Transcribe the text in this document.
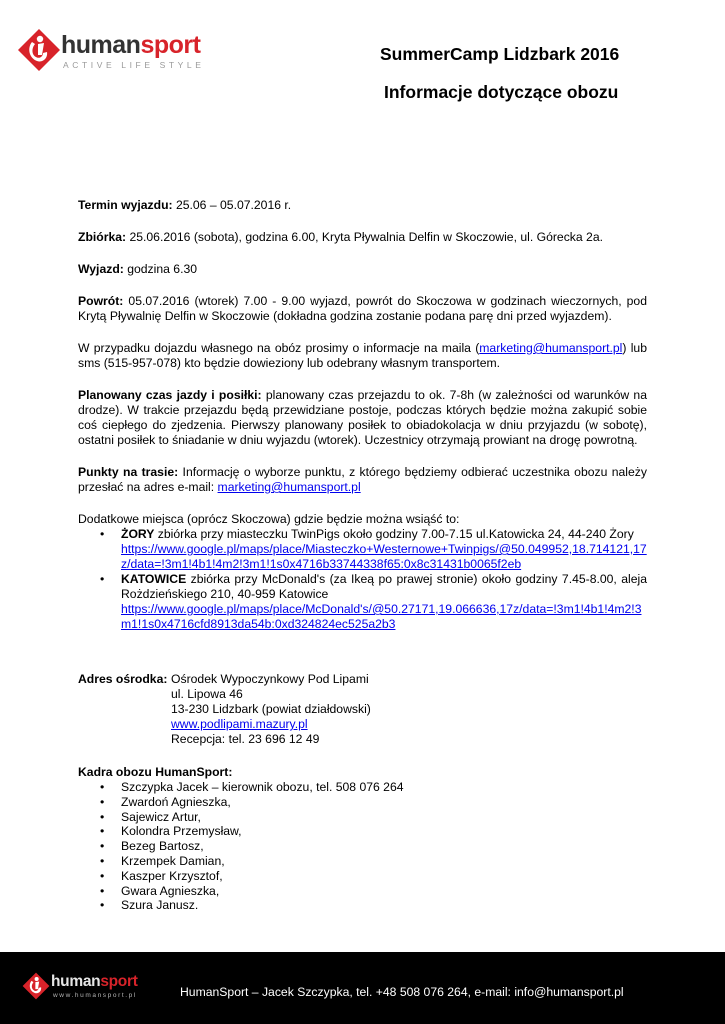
humansport
ACTIVE LIFE STYLE
SummerCamp Lidzbark 2016
Informacje dotyczące obozu

Termin wyjazdu: 25.06 – 05.07.2016 r.

Zbiórka: 25.06.2016 (sobota), godzina 6.00, Kryta Pływalnia Delfin w Skoczowie, ul. Górecka 2a.

Wyjazd: godzina 6.30

Powrót: 05.07.2016 (wtorek) 7.00 - 9.00 wyjazd, powrót do Skoczowa w godzinach wieczornych, pod Krytą Pływalnię Delfin w Skoczowie (dokładna godzina zostanie podana parę dni przed wyjazdem).

W przypadku dojazdu własnego na obóz prosimy o informacje na maila (marketing@humansport.pl) lub sms (515-957-078) kto będzie dowieziony lub odebrany własnym transportem.

Planowany czas jazdy i posiłki: planowany czas przejazdu to ok. 7-8h (w zależności od warunków na drodze). W trakcie przejazdu będą przewidziane postoje, podczas których będzie można zakupić sobie coś ciepłego do zjedzenia. Pierwszy planowany posiłek to obiadokolacja w dniu przyjazdu (w sobotę), ostatni posiłek to śniadanie w dniu wyjazdu (wtorek). Uczestnicy otrzymają prowiant na drogę powrotną.

Punkty na trasie: Informację o wyborze punktu, z którego będziemy odbierać uczestnika obozu należy przesłać na adres e-mail: marketing@humansport.pl

Dodatkowe miejsca (oprócz Skoczowa) gdzie będzie można wsiąść to:
• ŻORY zbiórka przy miasteczku TwinPigs około godziny 7.00-7.15 ul.Katowicka 24, 44-240 Żory
https://www.google.pl/maps/place/Miasteczko+Westernowe+Twinpigs/@50.049952,18.714121,17z/data=!3m1!4b1!4m2!3m1!1s0x4716b33744338f65:0x8c31431b0065f2eb
• KATOWICE zbiórka przy McDonald's (za Ikeą po prawej stronie) około godziny 7.45-8.00, aleja Rożdzieńskiego 210, 40-959 Katowice
https://www.google.pl/maps/place/McDonald's/@50.27171,19.066636,17z/data=!3m1!4b1!4m2!3m1!1s0x4716cfd8913da54b:0xd324824ec525a2b3
Adres ośrodka: Ośrodek Wypoczynkowy Pod Lipami
ul. Lipowa 46
13-230 Lidzbark (powiat działdowski)
www.podlipami.mazury.pl
Recepcja: tel. 23 696 12 49
Kadra obozu HumanSport:
• Szczypka Jacek – kierownik obozu, tel. 508 076 264
• Zwardoń Agnieszka,
• Sajewicz Artur,
• Kolondra Przemysław,
• Bezeg Bartosz,
• Krzempek Damian,
• Kaszper Krzysztof,
• Gwara Agnieszka,
• Szura Janusz.
humansport
www.humansport.pl	HumanSport – Jacek Szczypka, tel. +48 508 076 264, e-mail: info@humansport.pl
